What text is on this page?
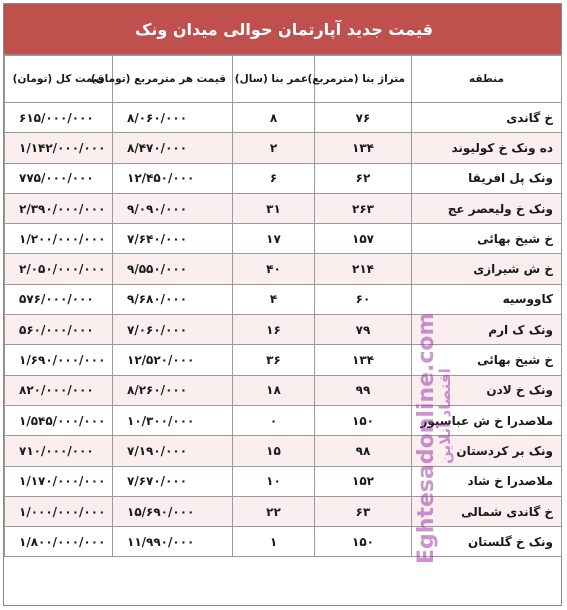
قیمت جدید آپارتمان حوالی میدان ونک
منطقه	متراژ بنا (مترمربع)	عمر بنا (سال)	قیمت هر مترمربع (تومان)	قیمت کل (تومان)
خ گاندی	۷۶	۸	۸/۰۶۰/۰۰۰	۶۱۵/۰۰۰/۰۰۰
ده ونک خ کولیوند	۱۳۴	۲	۸/۴۷۰/۰۰۰	۱/۱۴۲/۰۰۰/۰۰۰
ونک پل افریقا	۶۲	۶	۱۲/۴۵۰/۰۰۰	۷۷۵/۰۰۰/۰۰۰
ونک خ ولیعصر عج	۲۶۳	۳۱	۹/۰۹۰/۰۰۰	۲/۳۹۰/۰۰۰/۰۰۰
خ شیخ بهائی	۱۵۷	۱۷	۷/۶۴۰/۰۰۰	۱/۲۰۰/۰۰۰/۰۰۰
خ ش شیرازی	۲۱۴	۴۰	۹/۵۵۰/۰۰۰	۲/۰۵۰/۰۰۰/۰۰۰
کاووسیه	۶۰	۴	۹/۶۸۰/۰۰۰	۵۷۶/۰۰۰/۰۰۰
ونک ک ارم	۷۹	۱۶	۷/۰۶۰/۰۰۰	۵۶۰/۰۰۰/۰۰۰
خ شیخ بهائی	۱۳۴	۳۶	۱۲/۵۲۰/۰۰۰	۱/۶۹۰/۰۰۰/۰۰۰
ونک خ لادن	۹۹	۱۸	۸/۲۶۰/۰۰۰	۸۲۰/۰۰۰/۰۰۰
ملاصدرا خ ش عباسپور	۱۵۰	۰	۱۰/۳۰۰/۰۰۰	۱/۵۴۵/۰۰۰/۰۰۰
ونک بر کردستان	۹۸	۱۵	۷/۱۹۰/۰۰۰	۷۱۰/۰۰۰/۰۰۰
ملاصدرا خ شاد	۱۵۲	۱۰	۷/۶۷۰/۰۰۰	۱/۱۷۰/۰۰۰/۰۰۰
خ گاندی شمالی	۶۳	۲۲	۱۵/۶۹۰/۰۰۰	۱/۰۰۰/۰۰۰/۰۰۰
ونک خ گلستان	۱۵۰	۱	۱۱/۹۹۰/۰۰۰	۱/۸۰۰/۰۰۰/۰۰۰	Eghtesadonline.com
اقتصاد آنلاین
